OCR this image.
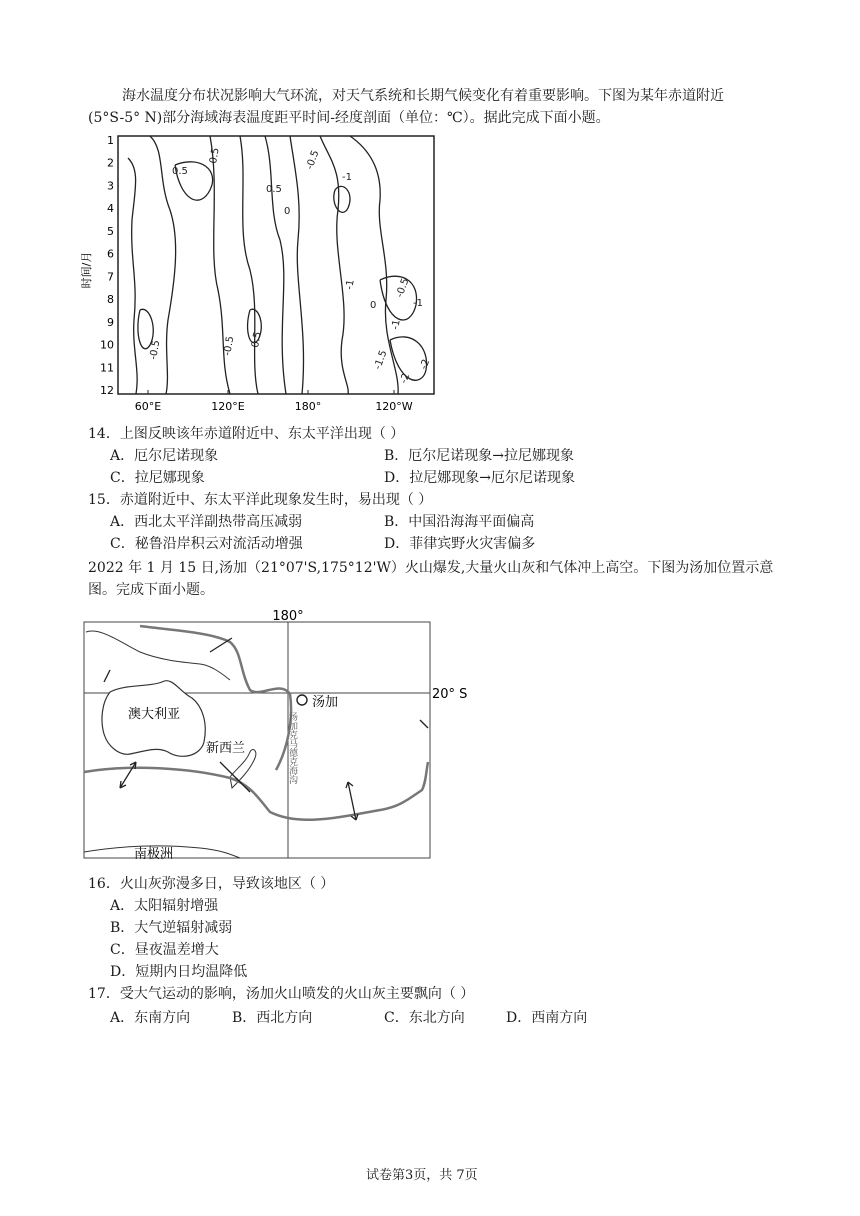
海水温度分布状况影响大气环流，对天气系统和长期气候变化有着重要影响。下图为某年赤道附近
(5°S-5° N)部分海域海表温度距平时间-经度剖面（单位：℃）。据此完成下面小题。
时间/月
1
2
3
4
5
6
7
8
9
10
11
12
60°E	120°E	180°	120°W
0.5
0.5
0.5
-0.5
0
-1
-0.5	-0.5
-1
0
-1
-1
-0.5
-1.5
-2
-2
0.5
14．上图反映该年赤道附近中、东太平洋出现（ ）
A．厄尔尼诺现象	B．厄尔尼诺现象→拉尼娜现象
C．拉尼娜现象	D．拉尼娜现象→厄尔尼诺现象
15．赤道附近中、东太平洋此现象发生时，易出现（ ）
A．西北太平洋副热带高压减弱	B．中国沿海海平面偏高
C．秘鲁沿岸积云对流活动增强	D．菲律宾野火灾害偏多
2022 年 1 月 15 日,汤加（21°07'S,175°12'W）火山爆发,大量火山灰和气体冲上高空。下图为汤加位置示意
图。完成下面小题。
180°
20° S
澳大利亚
新西兰
汤加
汤加克马德克海沟
南极洲
16．火山灰弥漫多日，导致该地区（ ）
A．太阳辐射增强
B．大气逆辐射减弱
C．昼夜温差增大
D．短期内日均温降低
17．受大气运动的影响，汤加火山喷发的火山灰主要飘向（ ）
A．东南方向	B．西北方向	C．东北方向	D．西南方向
试卷第3页，共 7页
